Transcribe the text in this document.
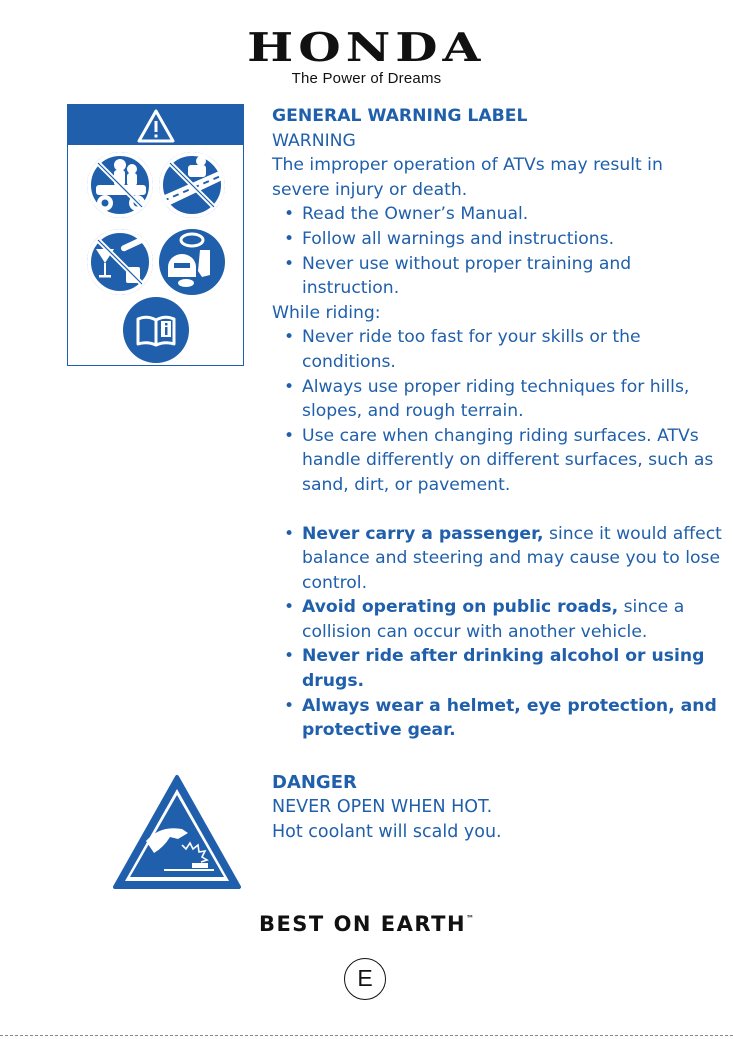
HONDA
The Power of Dreams

GENERAL WARNING LABEL

WARNING

The improper operation of ATVs may result in severe injury or death.

• Read the Owner’s Manual.
• Follow all warnings and instructions.
• Never use without proper training and instruction.

While riding:

• Never ride too fast for your skills or the conditions.
• Always use proper riding techniques for hills, slopes, and rough terrain.
• Use care when changing riding surfaces. ATVs handle differently on different surfaces, such as sand, dirt, or pavement.
• Never carry a passenger, since it would affect balance and steering and may cause you to lose control.
• Avoid operating on public roads, since a collision can occur with another vehicle.
• Never ride after drinking alcohol or using drugs.
• Always wear a helmet, eye protection, and protective gear.
DANGER
NEVER OPEN WHEN HOT.
Hot coolant will scald you.
BEST ON EARTH™
E
